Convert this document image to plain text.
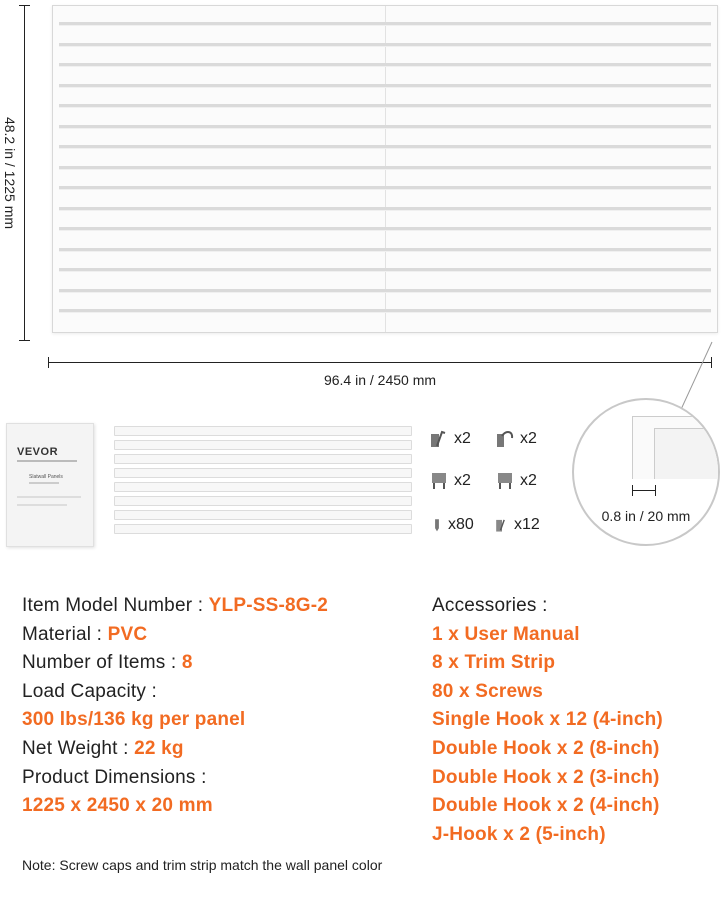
48.2 in / 1225 mm
96.4 in / 2450 mm
VEVOR
Slatwall Panels
x2	x2
x2	x2
x80	x12	0.8 in / 20 mm
Item Model Number : YLP-SS-8G-2
Material : PVC
Number of Items : 8
Load Capacity :
300 lbs/136 kg per panel
Net Weight : 22 kg
Product Dimensions :
1225 x 2450 x 20 mm
Accessories :
1 x User Manual
8 x Trim Strip
80 x Screws
Single Hook x 12 (4-inch)
Double Hook x 2 (8-inch)
Double Hook x 2 (3-inch)
Double Hook x 2 (4-inch)
J-Hook x 2 (5-inch)
Note: Screw caps and trim strip match the wall panel color
